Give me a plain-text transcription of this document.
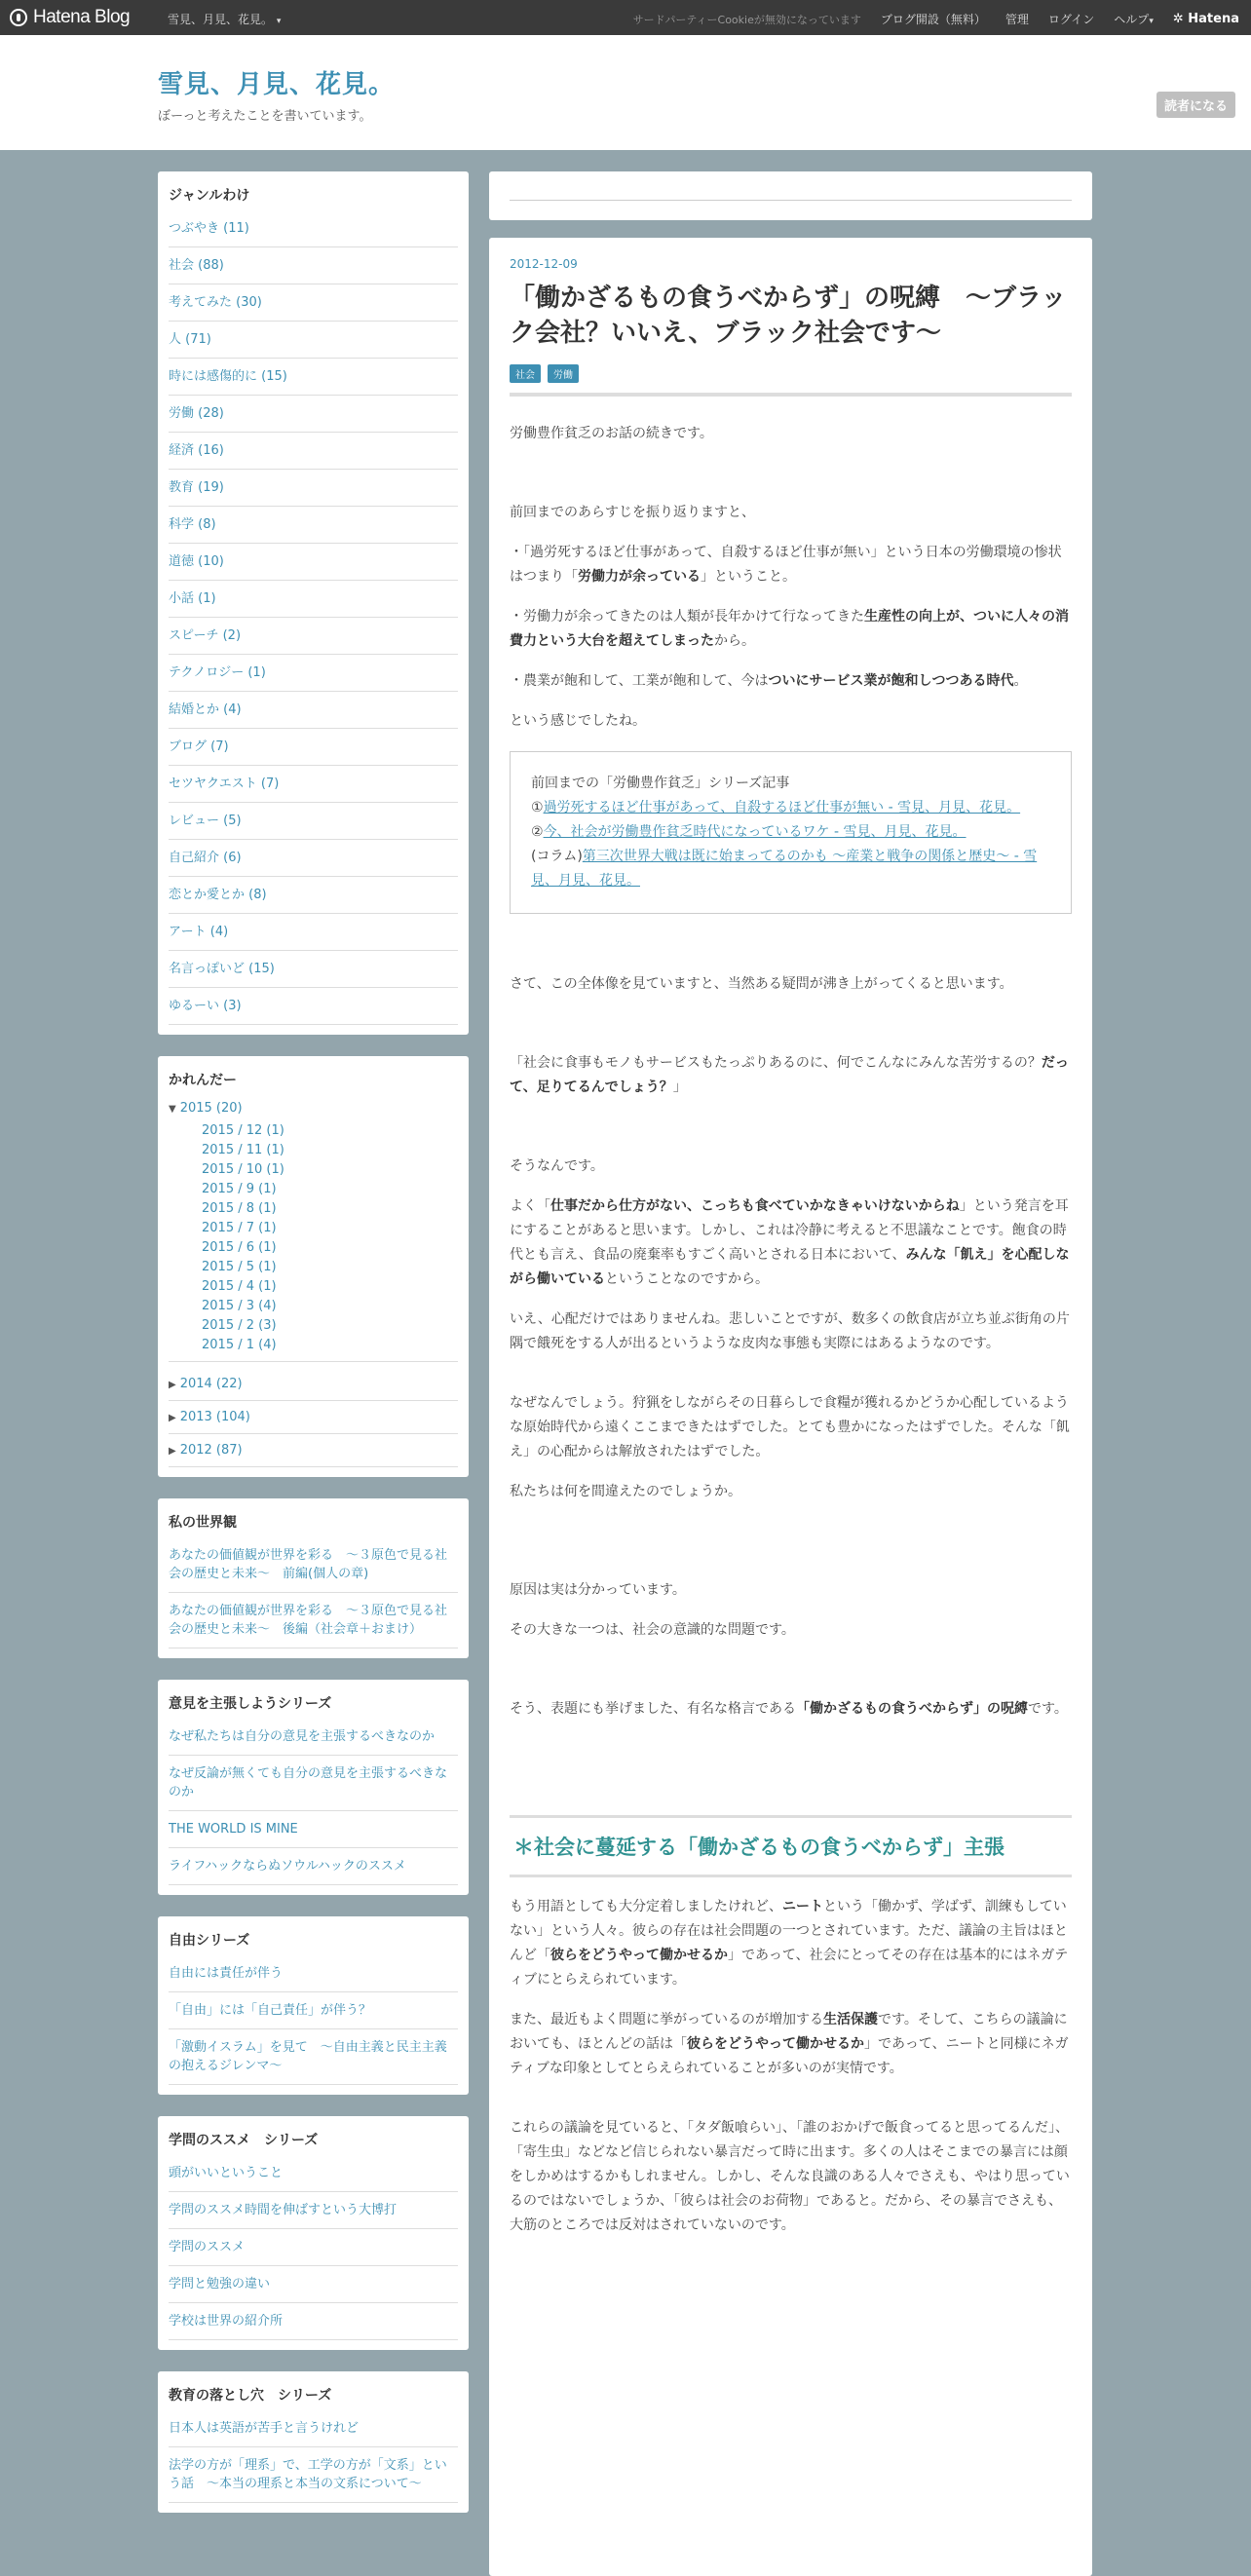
Hatena Blog	雪見、月見、花見。 ▾	サードパーティーCookieが無効になっています ブログ開設（無料） 管理 ログイン ヘルプ▾ ✲ Hatena
雪見、月見、花見。
ぼーっと考えたことを書いています。
読者になる
ジャンルわけ
つぶやき (11)
社会 (88)
考えてみた (30)
人 (71)
時には感傷的に (15)
労働 (28)
経済 (16)
教育 (19)
科学 (8)
道徳 (10)
小話 (1)
スピーチ (2)
テクノロジー (1)
結婚とか (4)
ブログ (7)
セツヤクエスト (7)
レビュー (5)
自己紹介 (6)
恋とか愛とか (8)
アート (4)
名言っぽいど (15)
ゆるーい (3)
かれんだー
▼ 2015 (20)
2015 / 12 (1)
2015 / 11 (1)
2015 / 10 (1)
2015 / 9 (1)
2015 / 8 (1)
2015 / 7 (1)
2015 / 6 (1)
2015 / 5 (1)
2015 / 4 (1)
2015 / 3 (4)
2015 / 2 (3)
2015 / 1 (4)
▶ 2014 (22)
▶ 2013 (104)
▶ 2012 (87)
私の世界観
あなたの価値観が世界を彩る　～３原色で見る社会の歴史と未来～　前編(個人の章)
あなたの価値観が世界を彩る　～３原色で見る社会の歴史と未来～　後編（社会章＋おまけ）
意見を主張しようシリーズ
なぜ私たちは自分の意見を主張するべきなのか
なぜ反論が無くても自分の意見を主張するべきなのか
THE WORLD IS MINE
ライフハックならぬソウルハックのススメ
自由シリーズ
自由には責任が伴う
「自由」には「自己責任」が伴う？
「激動イスラム」を見て　～自由主義と民主主義の抱えるジレンマ～
学問のススメ　シリーズ
頭がいいということ
学問のススメ時間を伸ばすという大博打
学問のススメ
学問と勉強の違い
学校は世界の紹介所
教育の落とし穴　シリーズ
日本人は英語が苦手と言うけれど
法学の方が「理系」で、工学の方が「文系」という話　～本当の理系と本当の文系について～
2012-12-09
「働かざるもの食うべからず」の呪縛　～ブラック会社？いいえ、ブラック社会です～
社会	労働

労働豊作貧乏のお話の続きです。

前回までのあらすじを振り返りますと、

・「過労死するほど仕事があって、自殺するほど仕事が無い」という日本の労働環境の惨状はつまり「労働力が余っている」ということ。

・労働力が余ってきたのは人類が長年かけて行なってきた生産性の向上が、ついに人々の消費力という大台を超えてしまったから。

・農業が飽和して、工業が飽和して、今はついにサービス業が飽和しつつある時代。

という感じでしたね。

前回までの「労働豊作貧乏」シリーズ記事
①過労死するほど仕事があって、自殺するほど仕事が無い - 雪見、月見、花見。
②今、社会が労働豊作貧乏時代になっているワケ - 雪見、月見、花見。
(コラム)第三次世界大戦は既に始まってるのかも ～産業と戦争の関係と歴史～ - 雪見、月見、花見。

さて、この全体像を見ていますと、当然ある疑問が沸き上がってくると思います。

「社会に食事もモノもサービスもたっぷりあるのに、何でこんなにみんな苦労するの？だって、足りてるんでしょう？」

そうなんです。

よく「仕事だから仕方がない、こっちも食べていかなきゃいけないからね」という発言を耳にすることがあると思います。しかし、これは冷静に考えると不思議なことです。飽食の時代とも言え、食品の廃棄率もすごく高いとされる日本において、みんな「飢え」を心配しながら働いているということなのですから。

いえ、心配だけではありませんね。悲しいことですが、数多くの飲食店が立ち並ぶ街角の片隅で餓死をする人が出るというような皮肉な事態も実際にはあるようなのです。

なぜなんでしょう。狩猟をしながらその日暮らしで食糧が獲れるかどうか心配しているような原始時代から遠くここまできたはずでした。とても豊かになったはずでした。そんな「飢え」の心配からは解放されたはずでした。

私たちは何を間違えたのでしょうか。

原因は実は分かっています。

その大きな一つは、社会の意識的な問題です。

そう、表題にも挙げました、有名な格言である「働かざるもの食うべからず」の呪縛です。

＊社会に蔓延する「働かざるもの食うべからず」主張

もう用語としても大分定着しましたけれど、ニートという「働かず、学ばず、訓練もしていない」という人々。彼らの存在は社会問題の一つとされています。ただ、議論の主旨はほとんど「彼らをどうやって働かせるか」であって、社会にとってその存在は基本的にはネガティブにとらえられています。

また、最近もよく問題に挙がっているのが増加する生活保護です。そして、こちらの議論においても、ほとんどの話は「彼らをどうやって働かせるか」であって、ニートと同様にネガティブな印象としてとらえられていることが多いのが実情です。

これらの議論を見ていると、「タダ飯喰らい」、「誰のおかげで飯食ってると思ってるんだ」、「寄生虫」などなど信じられない暴言だって時に出ます。多くの人はそこまでの暴言には顔をしかめはするかもしれません。しかし、そんな良識のある人々でさえも、やはり思っているのではないでしょうか、「彼らは社会のお荷物」であると。だから、その暴言でさえも、大筋のところでは反対はされていないのです。
